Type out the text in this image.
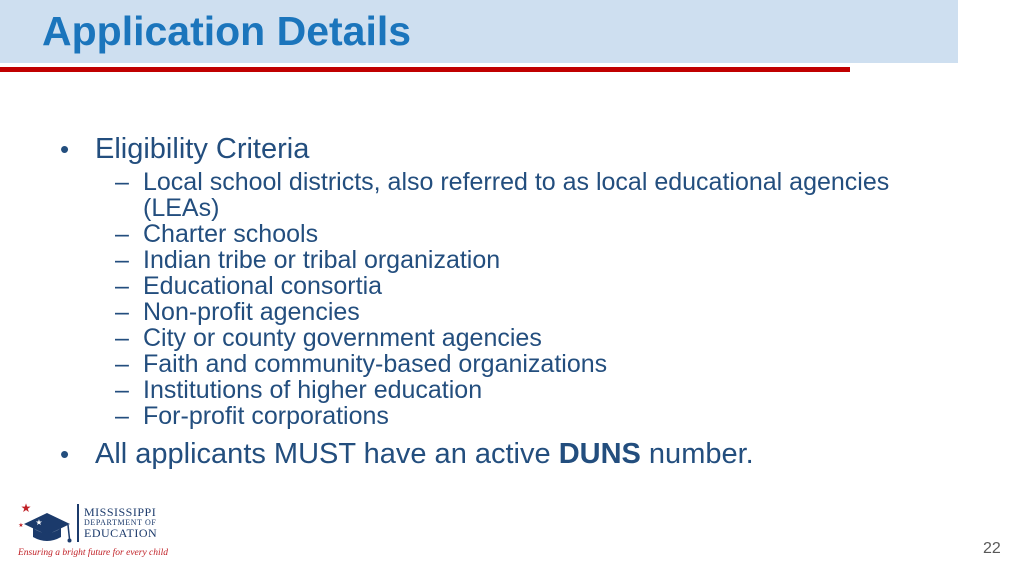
Application Details
• Eligibility Criteria
– Local school districts, also referred to as local educational agencies (LEAs)
– Charter schools
– Indian tribe or tribal organization
– Educational consortia
– Non-profit agencies
– City or county government agencies
– Faith and community-based organizations
– Institutions of higher education
– For-profit corporations
• All applicants MUST have an active DUNS number.
★
★ ★
MISSISSIPPI
DEPARTMENT OF
EDUCATION
Ensuring a bright future for every child	22
